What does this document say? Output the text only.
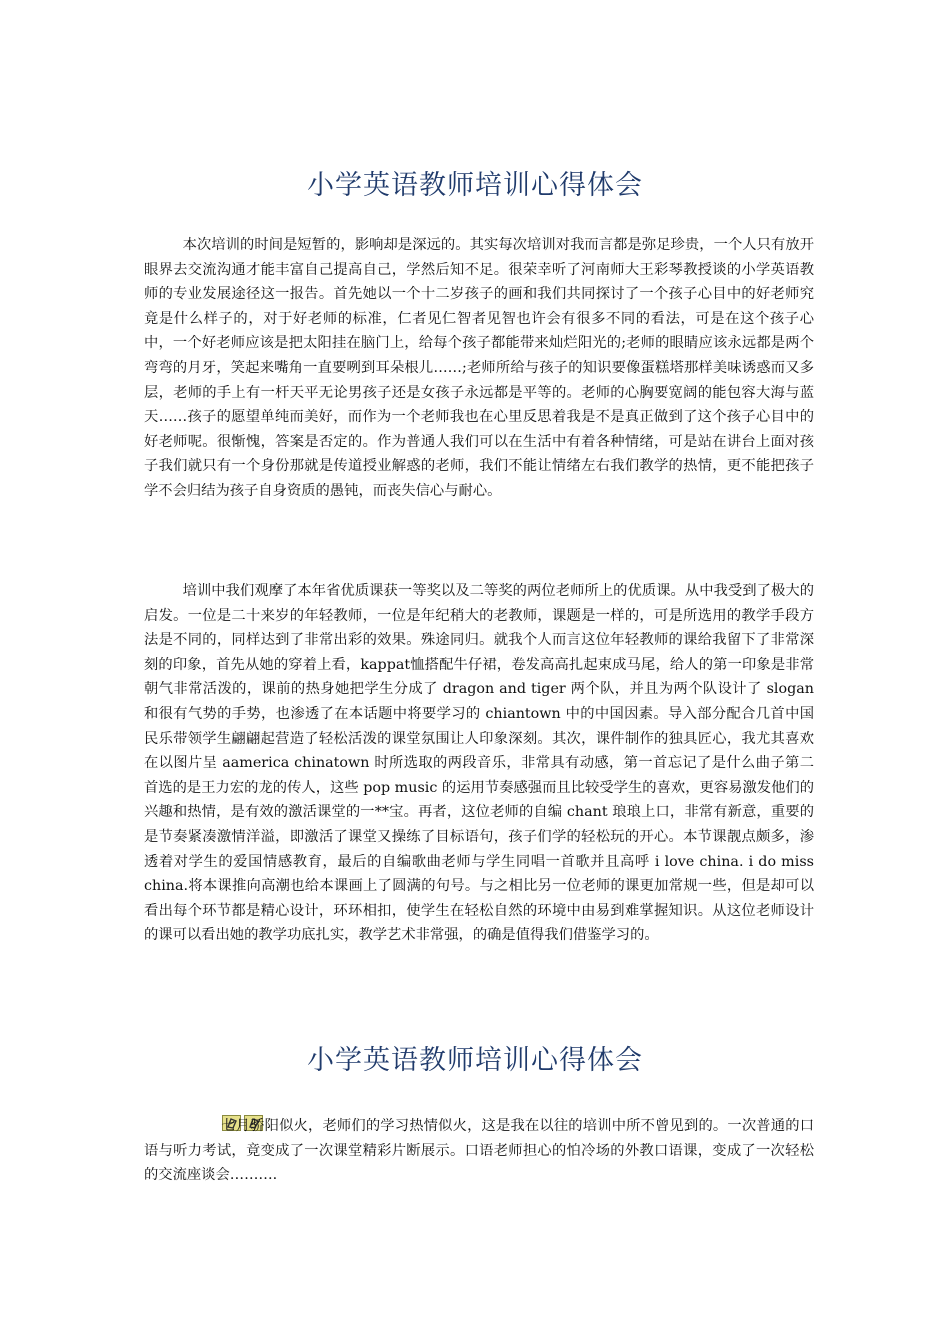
小学英语教师培训心得体会

本次培训的时间是短暂的，影响却是深远的。其实每次培训对我而言都是弥足珍贵，一个人只有放开眼界去交流沟通才能丰富自己提高自己，学然后知不足。很荣幸听了河南师大王彩琴教授谈的小学英语教师的专业发展途径这一报告。首先她以一个十二岁孩子的画和我们共同探讨了一个孩子心目中的好老师究竟是什么样子的，对于好老师的标准，仁者见仁智者见智也许会有很多不同的看法，可是在这个孩子心中，一个好老师应该是把太阳挂在脑门上，给每个孩子都能带来灿烂阳光的;老师的眼睛应该永远都是两个弯弯的月牙，笑起来嘴角一直要咧到耳朵根儿……;老师所给与孩子的知识要像蛋糕塔那样美味诱惑而又多层，老师的手上有一杆天平无论男孩子还是女孩子永远都是平等的。老师的心胸要宽阔的能包容大海与蓝天……孩子的愿望单纯而美好，而作为一个老师我也在心里反思着我是不是真正做到了这个孩子心目中的好老师呢。很惭愧，答案是否定的。作为普通人我们可以在生活中有着各种情绪，可是站在讲台上面对孩子我们就只有一个身份那就是传道授业解惑的老师，我们不能让情绪左右我们教学的热情，更不能把孩子学不会归结为孩子自身资质的愚钝，而丧失信心与耐心。

培训中我们观摩了本年省优质课获一等奖以及二等奖的两位老师所上的优质课。从中我受到了极大的启发。一位是二十来岁的年轻教师，一位是年纪稍大的老教师，课题是一样的，可是所选用的教学手段方法是不同的，同样达到了非常出彩的效果。殊途同归。就我个人而言这位年轻教师的课给我留下了非常深刻的印象，首先从她的穿着上看，kappat恤搭配牛仔裙，卷发高高扎起束成马尾，给人的第一印象是非常朝气非常活泼的，课前的热身她把学生分成了 dragon and tiger 两个队，并且为两个队设计了 slogan 和很有气势的手势，也渗透了在本话题中将要学习的 chiantown 中的中国因素。导入部分配合几首中国民乐带领学生翩翩起营造了轻松活泼的课堂氛围让人印象深刻。其次，课件制作的独具匠心，我尤其喜欢在以图片呈 aamerica chinatown 时所选取的两段音乐，非常具有动感，第一首忘记了是什么曲子第二首选的是王力宏的龙的传人，这些 pop music 的运用节奏感强而且比较受学生的喜欢，更容易激发他们的兴趣和热情，是有效的激活课堂的一**宝。再者，这位老师的自编 chant 琅琅上口，非常有新意，重要的是节奏紧凑激情洋溢，即激活了课堂又操练了目标语句，孩子们学的轻松玩的开心。本节课靓点颇多，渗透着对学生的爱国情感教育，最后的自编歌曲老师与学生同唱一首歌并且高呼 i love china. i do miss china.将本课推向高潮也给本课画上了圆满的句号。与之相比另一位老师的课更加常规一些，但是却可以看出每个环节都是精心设计，环环相扣，使学生在轻松自然的环境中由易到难掌握知识。从这位老师设计的课可以看出她的教学功底扎实，教学艺术非常强，的确是值得我们借鉴学习的。

小学英语教师培训心得体会

七月骄阳似火，老师们的学习热情似火，这是我在以往的培训中所不曾见到的。一次普通的口语与听力考试，竟变成了一次课堂精彩片断展示。口语老师担心的怕冷场的外教口语课，变成了一次轻松的交流座谈会……….
